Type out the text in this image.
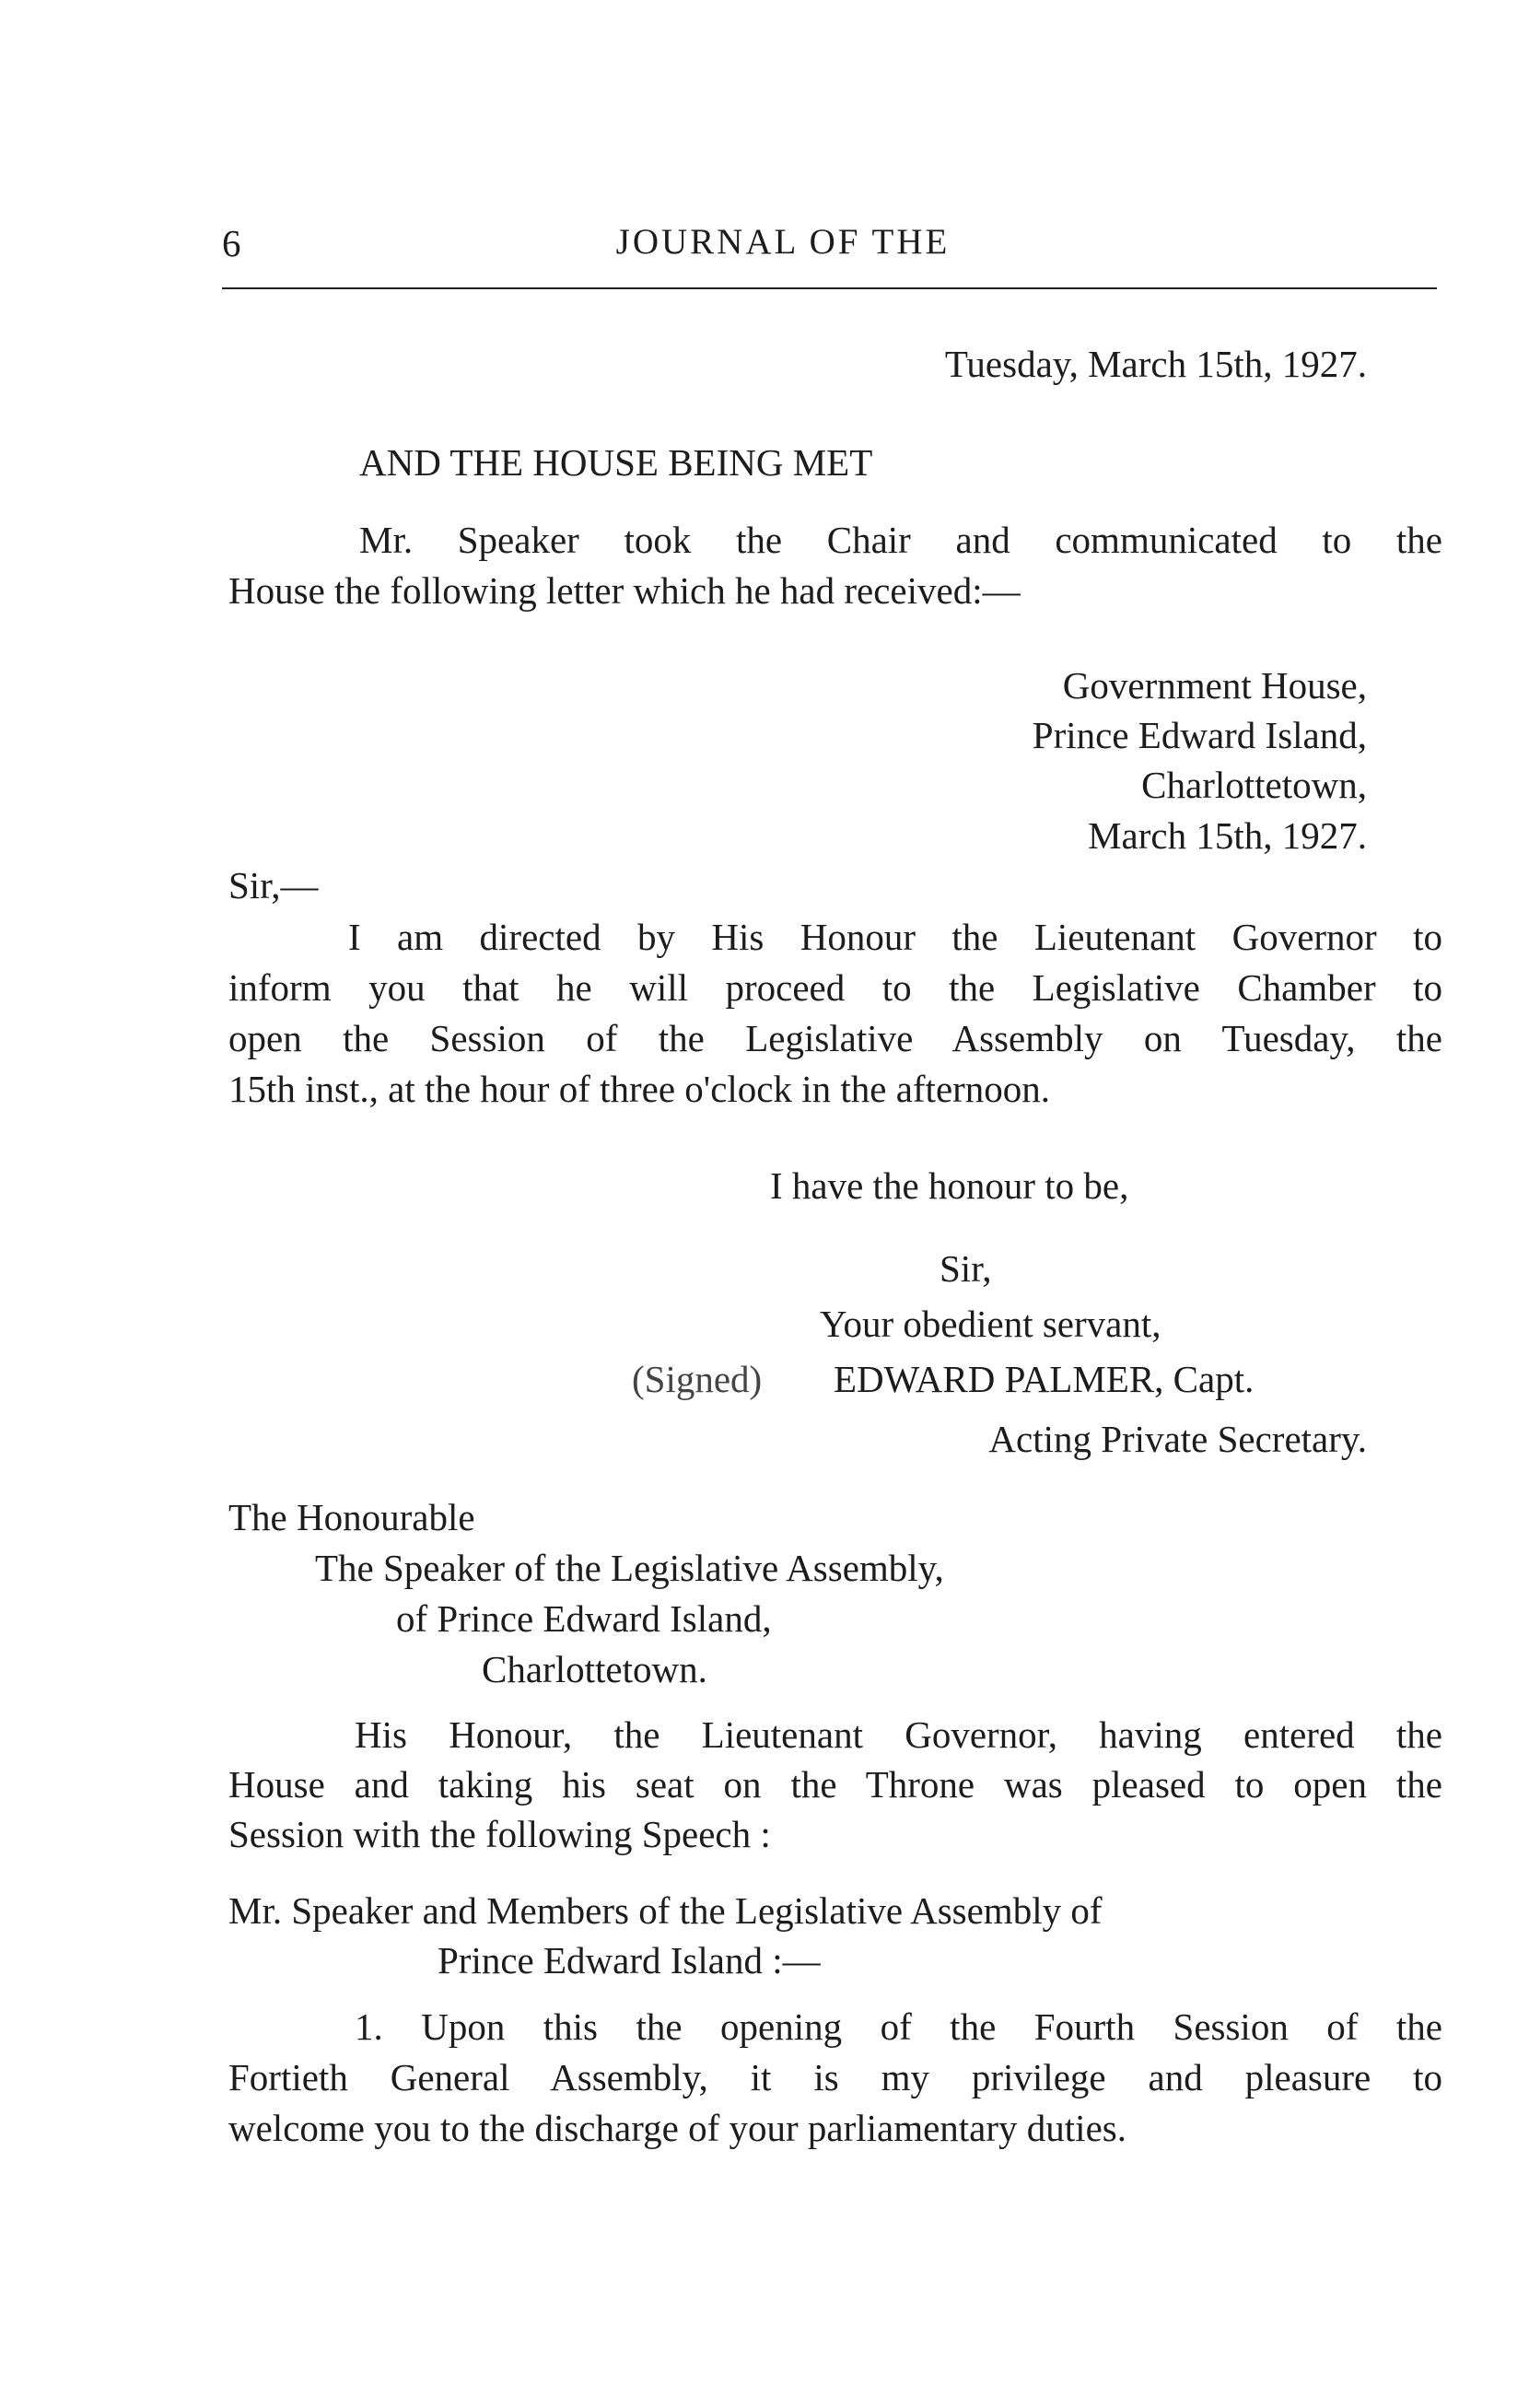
6	JOURNAL OF THE
Tuesday, March 15th, 1927.
AND THE HOUSE BEING MET
Mr. Speaker took the Chair and communicated to the
House the following letter which he had received:—
Government House,
Prince Edward Island,
Charlottetown,
March 15th, 1927.
Sir,—
I am directed by His Honour the Lieutenant Governor to
inform you that he will proceed to the Legislative Chamber to
open the Session of the Legislative Assembly on Tuesday, the
15th inst., at the hour of three o'clock in the afternoon.
I have the honour to be,
Sir,
Your obedient servant,
(Signed) EDWARD PALMER, Capt.
Acting Private Secretary.
The Honourable
The Speaker of the Legislative Assembly,
of Prince Edward Island,
Charlottetown.
His Honour, the Lieutenant Governor, having entered the
House and taking his seat on the Throne was pleased to open the
Session with the following Speech :
Mr. Speaker and Members of the Legislative Assembly of
Prince Edward Island :—
1. Upon this the opening of the Fourth Session of the
Fortieth General Assembly, it is my privilege and pleasure to
welcome you to the discharge of your parliamentary duties.
